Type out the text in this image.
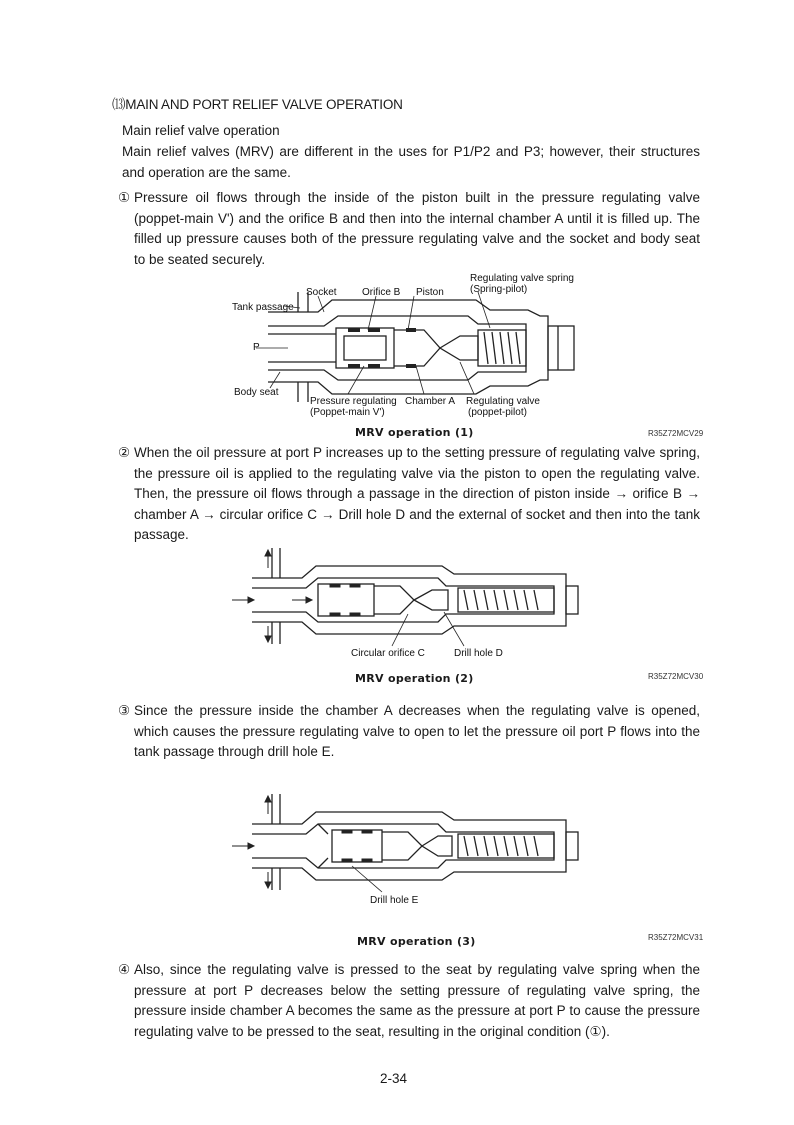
⒀MAIN AND PORT RELIEF VALVE OPERATION
Main relief valve operation
Main relief valves (MRV) are different in the uses for P1/P2 and P3; however, their structures and operation are the same.
① Pressure oil flows through the inside of the piston built in the pressure regulating valve (poppet-main V') and the orifice B and then into the internal chamber A until it is filled up. The filled up pressure causes both of the pressure regulating valve and the socket and body seat to be seated securely.
Socket	Orifice B Piston
Regulating valve spring
(Spring-pilot)
Tank passage
P
Body seat
Pressure regulating
(Poppet-main V')
Chamber A Regulating valve
(poppet-pilot)
MRV operation (1)	R35Z72MCV29
② When the oil pressure at port P increases up to the setting pressure of regulating valve spring, the pressure oil is applied to the regulating valve via the piston to open the regulating valve. Then, the pressure oil flows through a passage in the direction of piston inside → orifice B → chamber A → circular orifice C → Drill hole D and the external of socket and then into the tank passage.
Circular orifice C	Drill hole D
MRV operation (2)	R35Z72MCV30
③ Since the pressure inside the chamber A decreases when the regulating valve is opened, which causes the pressure regulating valve to open to let the pressure oil port P flows into the tank passage through drill hole E.
Drill hole E
R35Z72MCV31
MRV operation (3)
④ Also, since the regulating valve is pressed to the seat by regulating valve spring when the pressure at port P decreases below the setting pressure of regulating valve spring, the pressure inside chamber A becomes the same as the pressure at port P to cause the pressure regulating valve to be pressed to the seat, resulting in the original condition (①).
2-34
